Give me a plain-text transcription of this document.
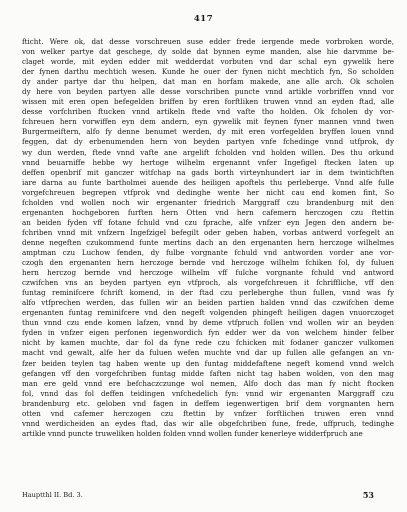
417
fticht. Were ok, dat desse vorschreuen suse edder frede iergende mede vorbroken worde,
von welker partye dat geschege, dy solde dat bynnen eyme manden, alse hie darvmme be-
claget worde, mit eyden edder mit wedderdat vorbuten vnd dar schal eyn gywelik here
der fynen darthu mechtich wesen. Kunde he ouer der fynen nicht mechtich fyn, So scholden
dy ander partye dar thu helpen, dat man en horfam makede, ane alle arch. Ok scholen
dy here von beyden partyen alle desse vorschriben puncte vnnd artikle vorbriffen vnnd vor
wissen mit eren open befegelden briffen by eren forftliken truwen vnnd an eyden ftad, alle
desse vorfchriben ftucken vnnd artikeln ftede vnd vafte tho holden. Ok fcholen dy vor-
fchreuen hern vorwiffen eyn dem andern, eyn gywelik mit feynen fyner mannen vnnd twen
Burgermeiftern, alfo fy denne benumet werden, dy mit eren vorfegelden bryffen louen vnnd
feggen, dat dy erbenumenden hern von beyden partyen vnfe fchedinge vnnd utfprok, dy
wy dun werden, ftede vnnd vafte ane argelift fcholden vnd holden willen. Des thu orkund
vnnd beuarniffe hebbe wy hertoge wilhelm ergenannt vnfer Ingefigel ftecken laten up
deffen openbrif mit ganczer witfchap na gads borth virteynhundert iar in dem twintichften
iare darna au funte bartholmei auende des heiligen apoftels thu perleberge. Vnnd alfe fulle
vorgefchreuen begrepen vtfprok vnd dedinghe wente her nicht cau end komen fint, So
fcholden vnd wollen noch wir ergenanter friedrich Marggraff czu brandenburg mit den
ergenanten hochgeboren furften hern Otten vnd hern cafemern herczogen czu ftettin
an beiden fyden vff fotane fchuld vnd czu fprache, alfe vnfzer eyn Jegen den andern be-
fchriben vnnd mit vnfzern Ingefzigel befegilt oder geben haben, vorbas antwerd vorfegelt an
denne negeften czukommend funte mertins dach an den ergenanten hern herczoge wilhelmes
amptman czu Luchow fenden, dy fulbe vorgnante fchuld vnd antworden vorder ane vor-
czogh den ergenanten hern herczoge bernde vnd herczoge wilhelm fchiken fol, dy fuluen
hern herczog bernde vnd herczoge wilhelm vff fulche vorgnante fchuld vnd antword
czwifchen vns an beyden partyen eyn vtfproch, als vorgefchreuen it fchriffliche, vff den
funtag reminifcere fchrift komend, in der ftad czu perleberghe thun fullen, vnnd was fy
alfo vtfprechen werden, das fullen wir an beiden partien halden vnnd das czwifchen deme
ergenanten funtag reminifcere vnd den negeft volgenden phingeft heiligen dagen vnuorczoget
thun vnnd czu ende komen lafzen, vnnd by deme vtfpruch follen vnd wollen wir an beyden
fyden in vnfzer eigen perfonen iegenwordich fyn edder wer da von welchem hinder felber
nicht by kamen muchte, dar fol da fyne rede czu fchicken mit fodaner ganczer vulkomen
macht vnd gewalt, alfe her da fuluen wefen muchte vnd dar up fullen alle gefangen an vn-
fzer beiden teylen tag haben wente up den funtag middefaftene negeft komend vnnd welch
gefangen vff den vorgefchriben funtag midde faften nicht tag haben wolden, von den mag
man ere geld vnnd ere befchaczczunge wol nemen, Alfo doch das man fy nicht ftocken
fol, vnnd das fol deffen teidingen vnfchedelich fyn: vnnd wir ergenanten Marggraff czu
brandenburg etc. geloben vnd fagen in deffem iegenwertigen brif dem vorgnanten hern
otten vnd cafemer herczogen czu ftettin by vnfzer forftlichen truwen eren vnnd
vnnd werdicheiden an eydes ftad, das wir alle obgefchriben fune, frede, uffpruch, tedinghe
artikle vnnd puncte truweliken holden folden vnnd wollen funder kenerleye widderfpruch ane
Hauptthl II. Bd. 3.	53
